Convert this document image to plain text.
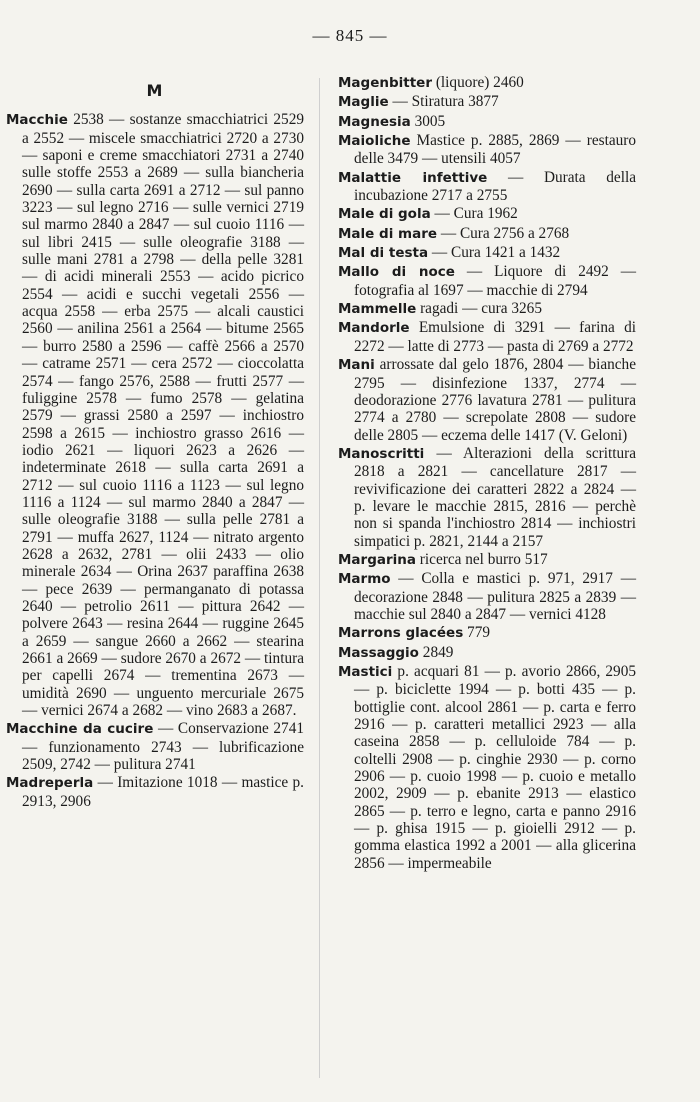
— 845 —
M

Macchie 2538 — sostanze smacchiatrici 2529 a 2552 — miscele smacchiatrici 2720 a 2730 — saponi e creme smacchiatori 2731 a 2740 sulle stoffe 2553 a 2689 — sulla biancheria 2690 — sulla carta 2691 a 2712 — sul panno 3223 — sul legno 2716 — sulle vernici 2719 sul marmo 2840 a 2847 — sul cuoio 1116 — sul libri 2415 — sulle oleografie 3188 — sulle mani 2781 a 2798 — della pelle 3281 — di acidi minerali 2553 — acido picrico 2554 — acidi e succhi vegetali 2556 — acqua 2558 — erba 2575 — alcali caustici 2560 — anilina 2561 a 2564 — bitume 2565 — burro 2580 a 2596 — caffè 2566 a 2570 — catrame 2571 — cera 2572 — cioccolatta 2574 — fango 2576, 2588 — frutti 2577 — fuliggine 2578 — fumo 2578 — gelatina 2579 — grassi 2580 a 2597 — inchiostro 2598 a 2615 — inchiostro grasso 2616 — iodio 2621 — liquori 2623 a 2626 — indeterminate 2618 — sulla carta 2691 a 2712 — sul cuoio 1116 a 1123 — sul legno 1116 a 1124 — sul marmo 2840 a 2847 — sulle oleografie 3188 — sulla pelle 2781 a 2791 — muffa 2627, 1124 — nitrato argento 2628 a 2632, 2781 — olii 2433 — olio minerale 2634 — Orina 2637 paraffina 2638 — pece 2639 — permanganato di potassa 2640 — petrolio 2611 — pittura 2642 — polvere 2643 — resina 2644 — ruggine 2645 a 2659 — sangue 2660 a 2662 — stearina 2661 a 2669 — sudore 2670 a 2672 — tintura per capelli 2674 — trementina 2673 — umidità 2690 — unguento mercuriale 2675 — vernici 2674 a 2682 — vino 2683 a 2687.

Macchine da cucire — Conservazione 2741 — funzionamento 2743 — lubrificazione 2509, 2742 — pulitura 2741

Madreperla — Imitazione 1018 — mastice p. 2913, 2906

Magenbitter (liquore) 2460

Maglie — Stiratura 3877

Magnesia 3005

Maioliche Mastice p. 2885, 2869 — restauro delle 3479 — utensili 4057

Malattie infettive — Durata della incubazione 2717 a 2755

Male di gola — Cura 1962

Male di mare — Cura 2756 a 2768

Mal di testa — Cura 1421 a 1432

Mallo di noce — Liquore di 2492 — fotografia al 1697 — macchie di 2794

Mammelle ragadi — cura 3265

Mandorle Emulsione di 3291 — farina di 2272 — latte di 2773 — pasta di 2769 a 2772

Mani arrossate dal gelo 1876, 2804 — bianche 2795 — disinfezione 1337, 2774 — deodorazione 2776 lavatura 2781 — pulitura 2774 a 2780 — screpolate 2808 — sudore delle 2805 — eczema delle 1417 (V. Geloni)

Manoscritti — Alterazioni della scrittura 2818 a 2821 — cancellature 2817 — revivificazione dei caratteri 2822 a 2824 — p. levare le macchie 2815, 2816 — perchè non si spanda l'inchiostro 2814 — inchiostri simpatici p. 2821, 2144 a 2157

Margarina ricerca nel burro 517

Marmo — Colla e mastici p. 971, 2917 — decorazione 2848 — pulitura 2825 a 2839 — macchie sul 2840 a 2847 — vernici 4128

Marrons glacées 779

Massaggio 2849

Mastici p. acquari 81 — p. avorio 2866, 2905 — p. biciclette 1994 — p. botti 435 — p. bottiglie cont. alcool 2861 — p. carta e ferro 2916 — p. caratteri metallici 2923 — alla caseina 2858 — p. celluloide 784 — p. coltelli 2908 — p. cinghie 2930 — p. corno 2906 — p. cuoio 1998 — p. cuoio e metallo 2002, 2909 — p. ebanite 2913 — elastico 2865 — p. terro e legno, carta e panno 2916 — p. ghisa 1915 — p. gioielli 2912 — p. gomma elastica 1992 a 2001 — alla glicerina 2856 — impermeabile
